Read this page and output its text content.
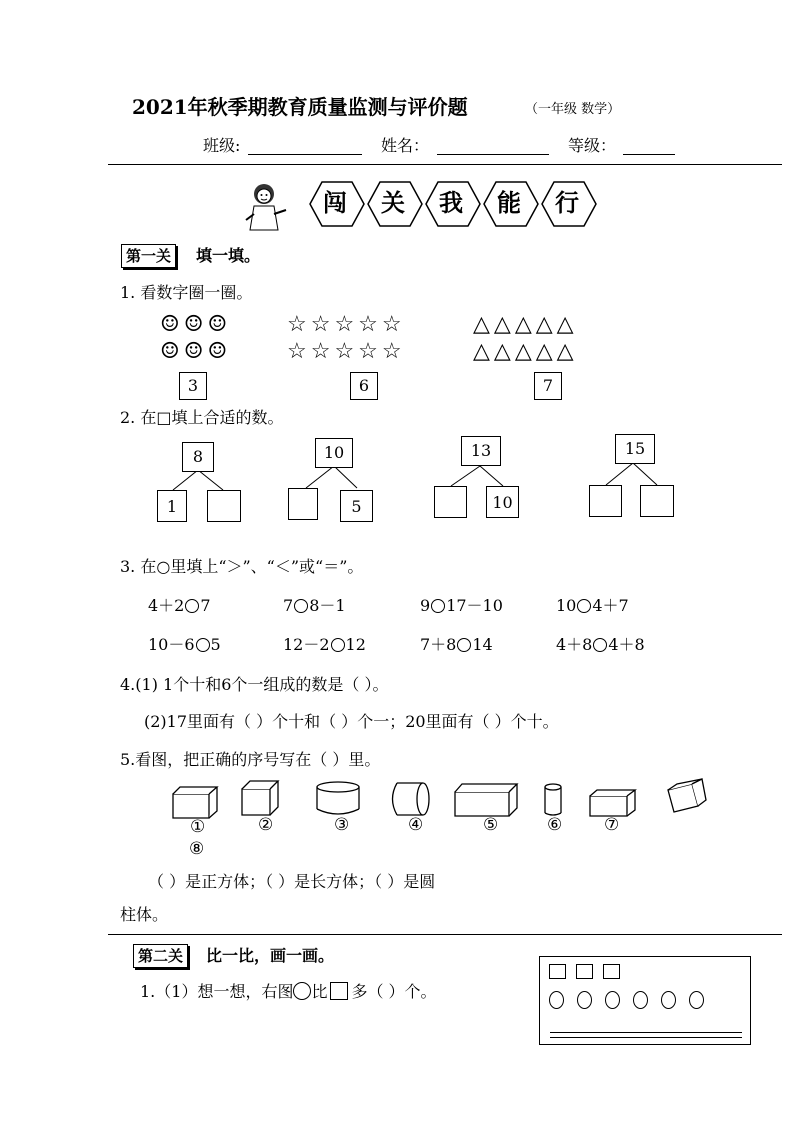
2021年秋季期教育质量监测与评价题	（一年级 数学）
班级:	姓名：	等级：
闯 关 我 能 行
第一关	填一填。
1. 看数字圈一圈。
☺☺☺
☺☺☺
☆☆☆☆☆
☆☆☆☆☆
△△△△△
△△△△△
3	6	7
2. 在□填上合适的数。
8
1
10
5
13
10
15
3. 在○里填上“＞”、“＜”或“＝”。
4＋2 7	7 8－1	9 17－10	10 4＋7
10－6 5	12－2 12	7＋8 14	4＋8 4＋8
4.(1) 1个十和6个一组成的数是（ ）。
(2)17里面有（ ）个十和（ ）个一；20里面有（ ）个十。
5.看图，把正确的序号写在（ ）里。
①	②	③	④	⑤	⑥ ⑦
⑧
（ ）是正方体；（ ）是长方体；（ ）是圆
柱体。
第二关	比一比，画一画。
1.（1）想一想，右图 比 多（ ）个。
